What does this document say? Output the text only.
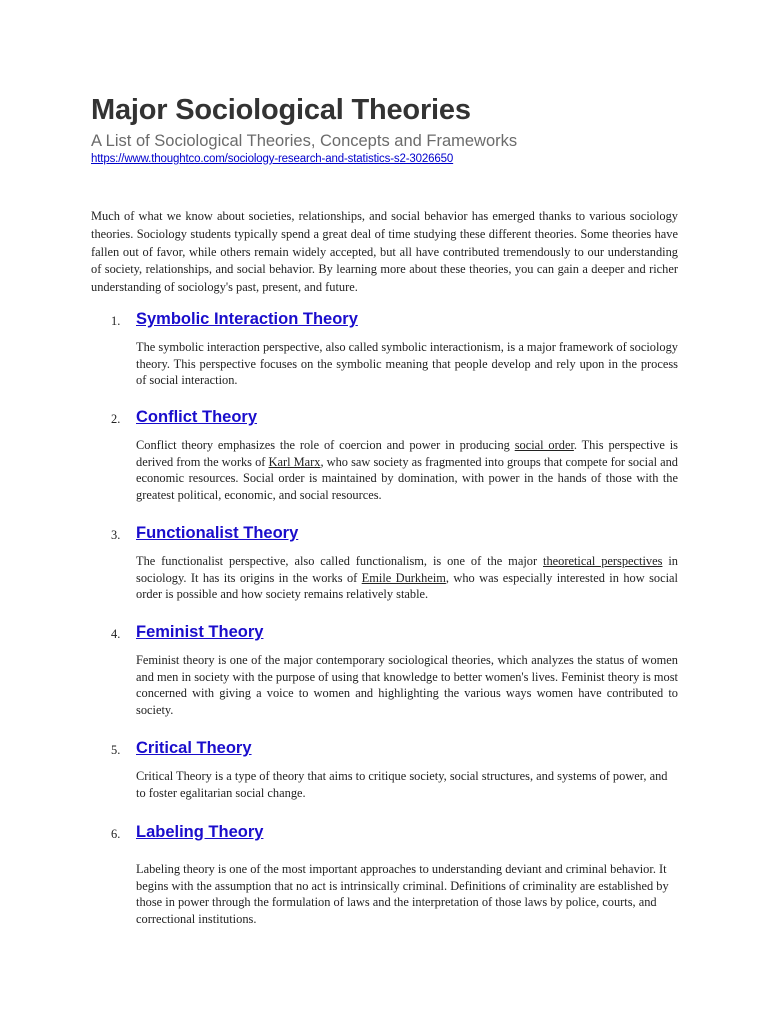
Major Sociological Theories

A List of Sociological Theories, Concepts and Frameworks

https://www.thoughtco.com/sociology-research-and-statistics-s2-3026650

Much of what we know about societies, relationships, and social behavior has emerged thanks to various sociology theories. Sociology students typically spend a great deal of time studying these different theories. Some theories have fallen out of favor, while others remain widely accepted, but all have contributed tremendously to our understanding of society, relationships, and social behavior. By learning more about these theories, you can gain a deeper and richer understanding of sociology's past, present, and future.

1. Symbolic Interaction Theory

The symbolic interaction perspective, also called symbolic interactionism, is a major framework of sociology theory. This perspective focuses on the symbolic meaning that people develop and rely upon in the process of social interaction.

2. Conflict Theory

Conflict theory emphasizes the role of coercion and power in producing social order. This perspective is derived from the works of Karl Marx, who saw society as fragmented into groups that compete for social and economic resources. Social order is maintained by domination, with power in the hands of those with the greatest political, economic, and social resources.

3. Functionalist Theory

The functionalist perspective, also called functionalism, is one of the major theoretical perspectives in sociology. It has its origins in the works of Emile Durkheim, who was especially interested in how social order is possible and how society remains relatively stable.

4. Feminist Theory

Feminist theory is one of the major contemporary sociological theories, which analyzes the status of women and men in society with the purpose of using that knowledge to better women's lives. Feminist theory is most concerned with giving a voice to women and highlighting the various ways women have contributed to society.

5. Critical Theory

Critical Theory is a type of theory that aims to critique society, social structures, and systems of power, and to foster egalitarian social change.

6. Labeling Theory

Labeling theory is one of the most important approaches to understanding deviant and criminal behavior. It begins with the assumption that no act is intrinsically criminal. Definitions of criminality are established by those in power through the formulation of laws and the interpretation of those laws by police, courts, and correctional institutions.
